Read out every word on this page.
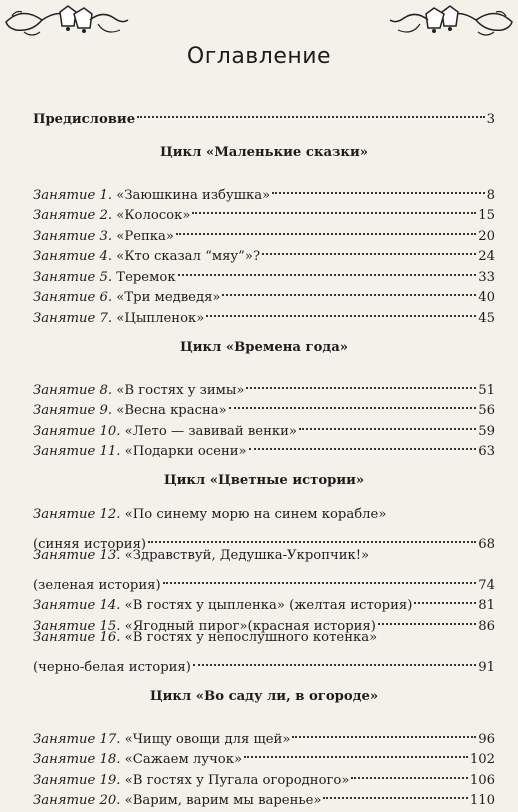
Оглавление
Предисловие	3
Цикл «Маленькие сказки»
Занятие 1. «Заюшкина избушка»	8
Занятие 2. «Колосок»	15
Занятие 3. «Репка»	20
Занятие 4. «Кто сказал “мяу”»?	24
Занятие 5. Теремок	33
Занятие 6. «Три медведя»	40
Занятие 7. «Цыпленок»	45
Цикл «Времена года»
Занятие 8. «В гостях у зимы»	51
Занятие 9. «Весна красна»	56
Занятие 10. «Лето — завивай венки»	59
Занятие 11. «Подарки осени»	63
Цикл «Цветные истории»
Занятие 12. «По синему морю на синем корабле»
(синяя история)	68
Занятие 13. «Здравствуй, Дедушка-Укропчик!»
(зеленая история)	74
Занятие 14. «В гостях у цыпленка» (желтая история)	81
Занятие 15. «Ягодный пирог»(красная история)	86
Занятие 16. «В гостях у непослушного котенка»
(черно-белая история)	91
Цикл «Во саду ли, в огороде»
Занятие 17. «Чищу овощи для щей»	96
Занятие 18. «Сажаем лучок»	102
Занятие 19. «В гостях у Пугала огородного»	106
Занятие 20. «Варим, варим мы варенье»	110
